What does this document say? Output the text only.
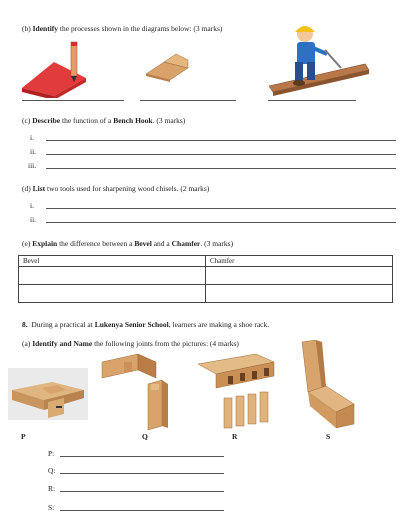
(b) Identify the processes shown in the diagrams below: (3 marks)
(c) Describe the function of a Bench Hook. (3 marks)
i.
ii.
iii.
(d) List two tools used for sharpening wood chisels. (2 marks)
i.
ii.
(e) Explain the difference between a Bevel and a Chamfer. (3 marks)
Bevel	Chamfer

8. During a practical at Lukenya Senior School, learners are making a shoe rack.
(a) Identify and Name the following joints from the pictures: (4 marks)
P	Q	R	S
P:
Q:
R:
S:
